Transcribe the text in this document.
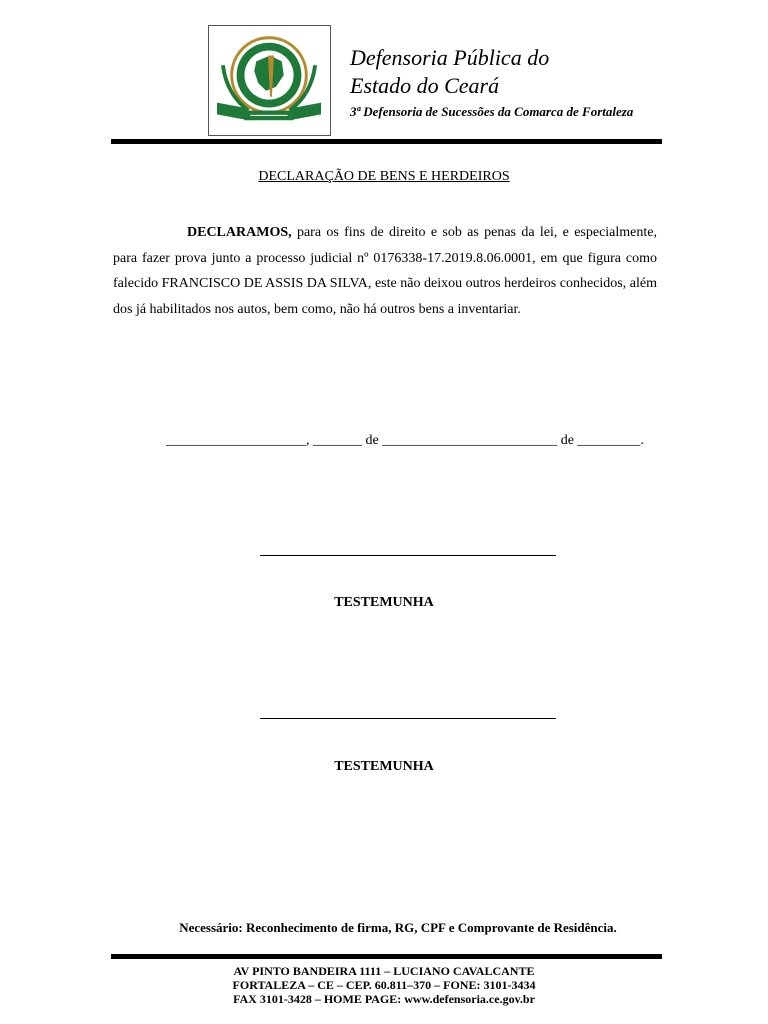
Defensoria Pública do
Estado do Ceará
3ª Defensoria de Sucessões da Comarca de Fortaleza
DECLARAÇÃO DE BENS E HERDEIROS
DECLARAMOS, para os fins de direito e sob as penas da lei, e especialmente, para fazer prova junto a processo judicial nº 0176338-17.2019.8.06.0001, em que figura como falecido FRANCISCO DE ASSIS DA SILVA, este não deixou outros herdeiros conhecidos, além dos já habilitados nos autos, bem como, não há outros bens a inventariar.
____________________, _______ de _________________________ de _________.
TESTEMUNHA
TESTEMUNHA
Necessário: Reconhecimento de firma, RG, CPF e Comprovante de Residência.
AV PINTO BANDEIRA 1111 – LUCIANO CAVALCANTE
FORTALEZA – CE – CEP. 60.811–370 – FONE: 3101-3434
FAX 3101-3428 – HOME PAGE: www.defensoria.ce.gov.br
